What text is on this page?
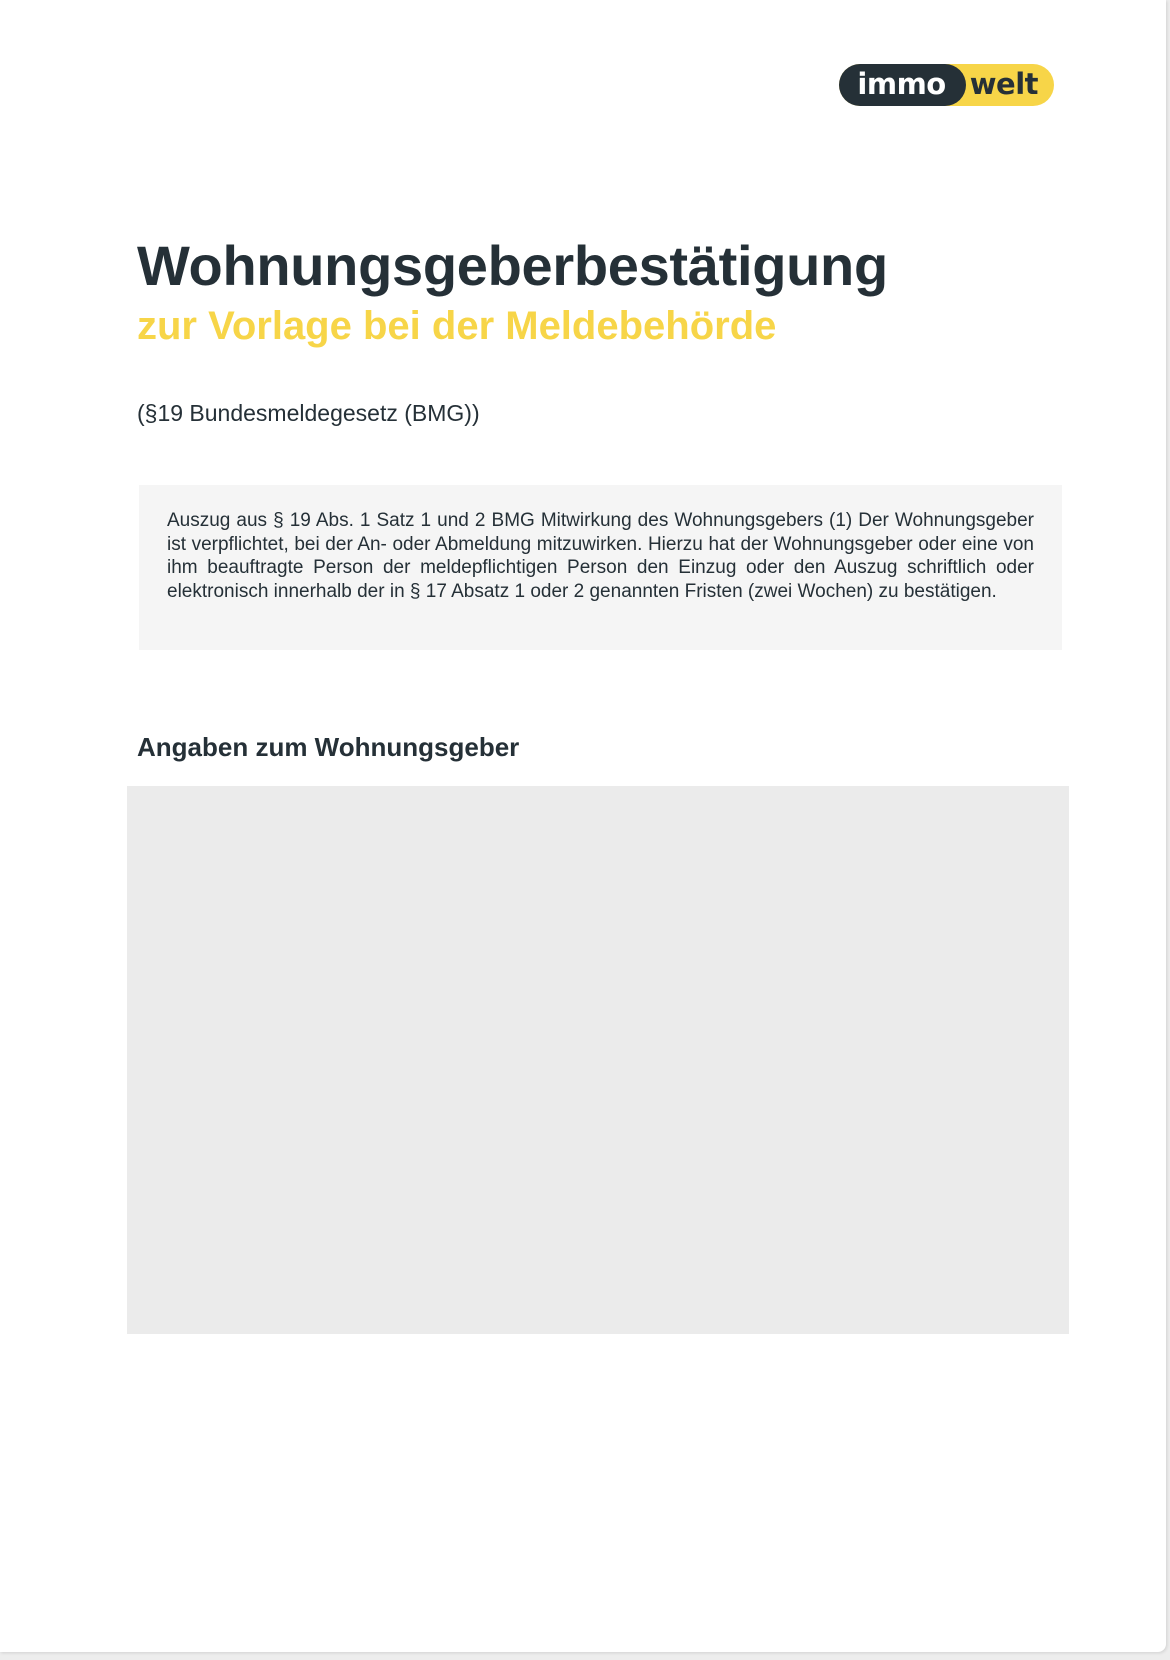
immo welt
Wohnungsgeberbestätigung
zur Vorlage bei der Meldebehörde

(§19 Bundesmeldegesetz (BMG))

Auszug aus § 19 Abs. 1 Satz 1 und 2 BMG Mitwirkung des Wohnungsgebers (1) Der Wohnungsgeber ist verpflichtet, bei der An- oder Abmeldung mitzuwirken. Hierzu hat der Wohnungsgeber oder eine von ihm beauftragte Person der meldepflichtigen Person den Einzug oder den Auszug schriftlich oder elektronisch innerhalb der in § 17 Absatz 1 oder 2 genannten Fristen (zwei Wochen) zu bestätigen.

Angaben zum Wohnungsgeber
